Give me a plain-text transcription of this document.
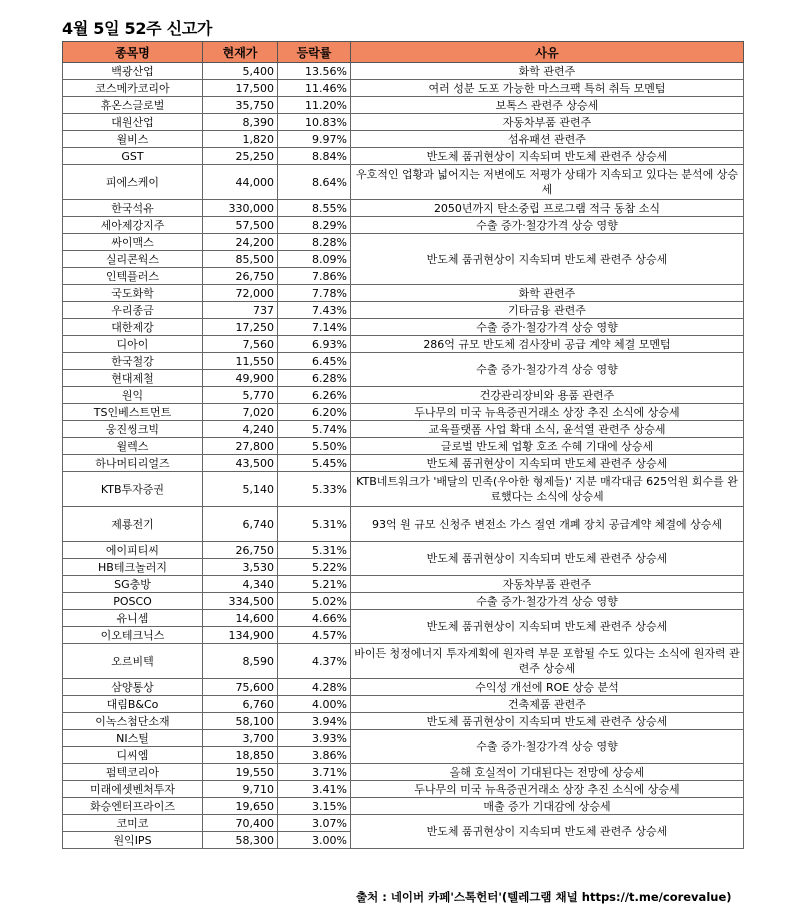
4월 5일 52주 신고가
종목명	현재가	등락률	사유
백광산업	5,400	13.56%	화학 관련주
코스메카코리아	17,500	11.46%	여러 성분 도포 가능한 마스크팩 특허 취득 모멘텀
휴온스글로벌	35,750	11.20%	보톡스 관련주 상승세
대원산업	8,390	10.83%	자동차부품 관련주
윌비스	1,820	9.97%	섬유패션 관련주
GST	25,250	8.84%	반도체 품귀현상이 지속되며 반도체 관련주 상승세
피에스케이	44,000	8.64%	우호적인 업황과 넓어지는 저변에도 저평가 상태가 지속되고 있다는 분석에 상승세
한국석유	330,000	8.55%	2050년까지 탄소중립 프로그램 적극 동참 소식
세아제강지주	57,500	8.29%	수출 증가·철강가격 상승 영향
싸이맥스	24,200	8.28%	반도체 품귀현상이 지속되며 반도체 관련주 상승세
실리콘웍스	85,500	8.09%	
인텍플러스	26,750	7.86%	
국도화학	72,000	7.78%	화학 관련주
우리종금	737	7.43%	기타금융 관련주
대한제강	17,250	7.14%	수출 증가·철강가격 상승 영향
디아이	7,560	6.93%	286억 규모 반도체 검사장비 공급 계약 체결 모멘텀
한국철강	11,550	6.45%	수출 증가·철강가격 상승 영향
현대제철	49,900	6.28%	
원익	5,770	6.26%	건강관리장비와 용품 관련주
TS인베스트먼트	7,020	6.20%	두나무의 미국 뉴욕증권거래소 상장 추진 소식에 상승세
웅진씽크빅	4,240	5.74%	교육플랫폼 사업 확대 소식, 윤석열 관련주 상승세
윌렉스	27,800	5.50%	글로벌 반도체 업황 호조 수혜 기대에 상승세
하나머티리얼즈	43,500	5.45%	반도체 품귀현상이 지속되며 반도체 관련주 상승세
KTB투자증권	5,140	5.33%	KTB네트워크가 '배달의 민족(우아한 형제들)' 지분 매각대금 625억원 회수를 완료했다는 소식에 상승세
제룡전기	6,740	5.31%	93억 원 규모 신청주 변전소 가스 절연 개폐 장치 공급계약 체결에 상승세
에이피티씨	26,750	5.31%	반도체 품귀현상이 지속되며 반도체 관련주 상승세
HB테크놀러지	3,530	5.22%	
SG충방	4,340	5.21%	자동차부품 관련주
POSCO	334,500	5.02%	수출 증가·철강가격 상승 영향
유니셈	14,600	4.66%	반도체 품귀현상이 지속되며 반도체 관련주 상승세
이오테크닉스	134,900	4.57%	
오르비텍	8,590	4.37%	바이든 청정에너지 투자계획에 원자력 부문 포함될 수도 있다는 소식에 원자력 관련주 상승세
삼양통상	75,600	4.28%	수익성 개선에 ROE 상승 분석
대림B&Co	6,760	4.00%	건축제품 관련주
이녹스첨단소재	58,100	3.94%	반도체 품귀현상이 지속되며 반도체 관련주 상승세
NI스틸	3,700	3.93%	수출 증가·철강가격 상승 영향
디씨엠	18,850	3.86%	
펌텍코리아	19,550	3.71%	올해 호실적이 기대된다는 전망에 상승세
미래에셋벤처투자	9,710	3.41%	두나무의 미국 뉴욕증권거래소 상장 추진 소식에 상승세
화승엔터프라이즈	19,650	3.15%	매출 증가 기대감에 상승세
코미코	70,400	3.07%	반도체 품귀현상이 지속되며 반도체 관련주 상승세
원익IPS	58,300	3.00%	
출처 : 네이버 카페'스톡헌터'(텔레그램 채널 https://t.me/corevalue)
